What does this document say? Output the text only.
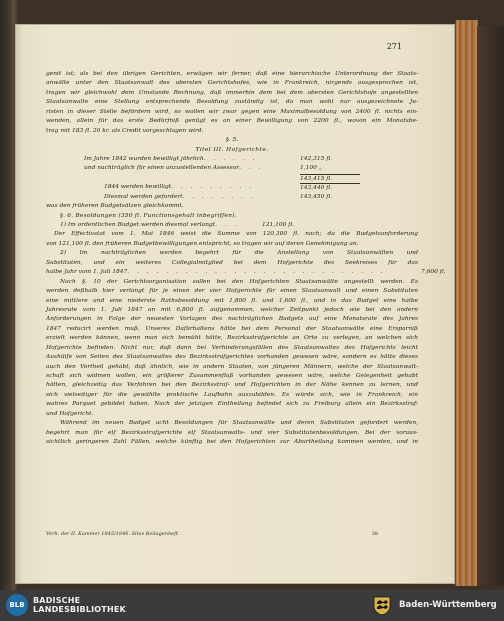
271
genit ist; als bei den übrigen Gerichten, erwägen wir ferner, daß eine hierarchische Unterordnung der Staats-
anwälte unter den Staatsanwalt des obersten Gerichtshofes, wie in Frankreich, nirgends ausgesprochen ist,
tragen wir gleichwohl dem Umstande Rechnung, daß immerhin dem bei dem obersten Gerichtshofe angestellten
Staatsanwalte eine Stellung entsprechende Besoldung zuständig ist, da man wohl nur ausgezeichnete Ju-
risten in dieser Stelle befördern wird, so wollen wir zwar gegen eine Maximalbesoldung von 2400 fl. nichts ein-
wenden, allein für das erste Bedürfniß genügt es an einer Bewilligung von 2200 fl., wovon ein Monatsbe-
trag mit 183 fl. 20 kr. als Credit vorgeschlagen wird.
§. 5.
Titel III. Hofgerichte.
Im Jahre 1842 wurden bewilligt jährlich . . . . . .	142,315 fl.
und nachträglich für einen anzustellenden Assessor . . .	1,100 „
143,415 fl.
1844 werden bewilligt . . . . . . . . .	143,440 fl.
Diesmal werden gefordert . . . . . . . .	143,450 fl.
was den früheren Budgetsätzen gleichkommt.
§. 6. Besoldungen (350 fl. Functionsgehalt inbegriffen).
1) Im ordentlichen Budget werden diesmal verlangt . . .	121,100 fl.
Der Effectivstat vom 1. Mai 1846 weist die Summe von 120,300 fl. nach; da die Budgetsanforderung
von 121,100 fl. den früheren Budgetbewilligungen entspricht, so tragen wir auf deren Genehmigung an.
2) Im nachträglichen werden begehrt für die Anstellung von Staatsanwälten und
Substituten, und ein weiteres Collegialmitglied bei dem Hofgerichte des Seekreises für das
halbe Jahr vom 1. Juli 1847 . . . . . . . . . . . . . . . . . . . . . . . . . . .	7,600 fl.
Nach §. 10 der Gerichtsorganisation sollen bei den Hofgerichten Staatsanwälte angestellt werden. Es
werden deßhalb hier verlangt für je einen der vier Hofgerichte für einen Staatsanwalt und einen Substituten
eine mittlere und eine niederste Rathsbesoldung mit 1,800 fl. und 1,600 fl., und in das Budget eine halbe
Jahresrate vom 1. Juli 1847 an mit 6,800 fl. aufgenommen, welcher Zeitpunkt jedoch wie bei den andern
Anforderungen in Folge der neuesten Vorlagen des nachträglichen Budgets auf eine Monatsrate des Jahres
1847 reducirt werden muß. Unseres Dafürhaltens hätte bei dem Personal der Staatsanwälte eine Ersparniß
erzielt werden können, wenn man sich bemüht hätte, Bezirksstrafgerichte an Orte zu verlegen, an welchen sich
Hofgerichte befinden. Nicht nur, daß dann bei Verhinderungsfällen des Staatsanwaltes des Hofgerichts leicht
Aushülfe von Seiten des Staatsanwaltes des Bezirksstrafgerichtes vorhanden gewesen wäre, sondern es hätte dieses
auch den Vortheil gehabt, daß ähnlich, wie in andern Staaten, von jüngeren Männern, welche der Staatsanwalt-
schaft sich widmen wollen, ein größerer Zusammenfluß vorhanden gewesen wäre, welche Gelegenheit gehabt
hätten, gleichzeitig das Verfahren bei den Bezirksstraf- und Hofgerichten in der Nähe kennen zu lernen, und
sich vielseitiger für die gewählte praktische Laufbahn auszubilden. Es würde sich, wie in Frankreich, ein
wahres Parquet gebildet haben. Nach der jetzigen Eintheilung befindet sich zu Freiburg allein ein Bezirksstraf-
und Hofgericht.
Während im neuen Budget acht Besoldungen für Staatsanwälte und deren Substituten gefordert werden,
begehrt man für elf Bezirksstrafgerichte elf Staatsanwalts- und vier Substitutenbesoldungen. Bei der voraus-
sichtlich geringeren Zahl Fällen, welche künftig bei den Hofgerichten zur Aburtheilung kommen werden, und in
Verh. der II. Kammer 1845/1846. Sites Beilagenheft.	38
BLB	BADISCHE
LANDESBIBLIOTHEK	Baden-Württemberg
